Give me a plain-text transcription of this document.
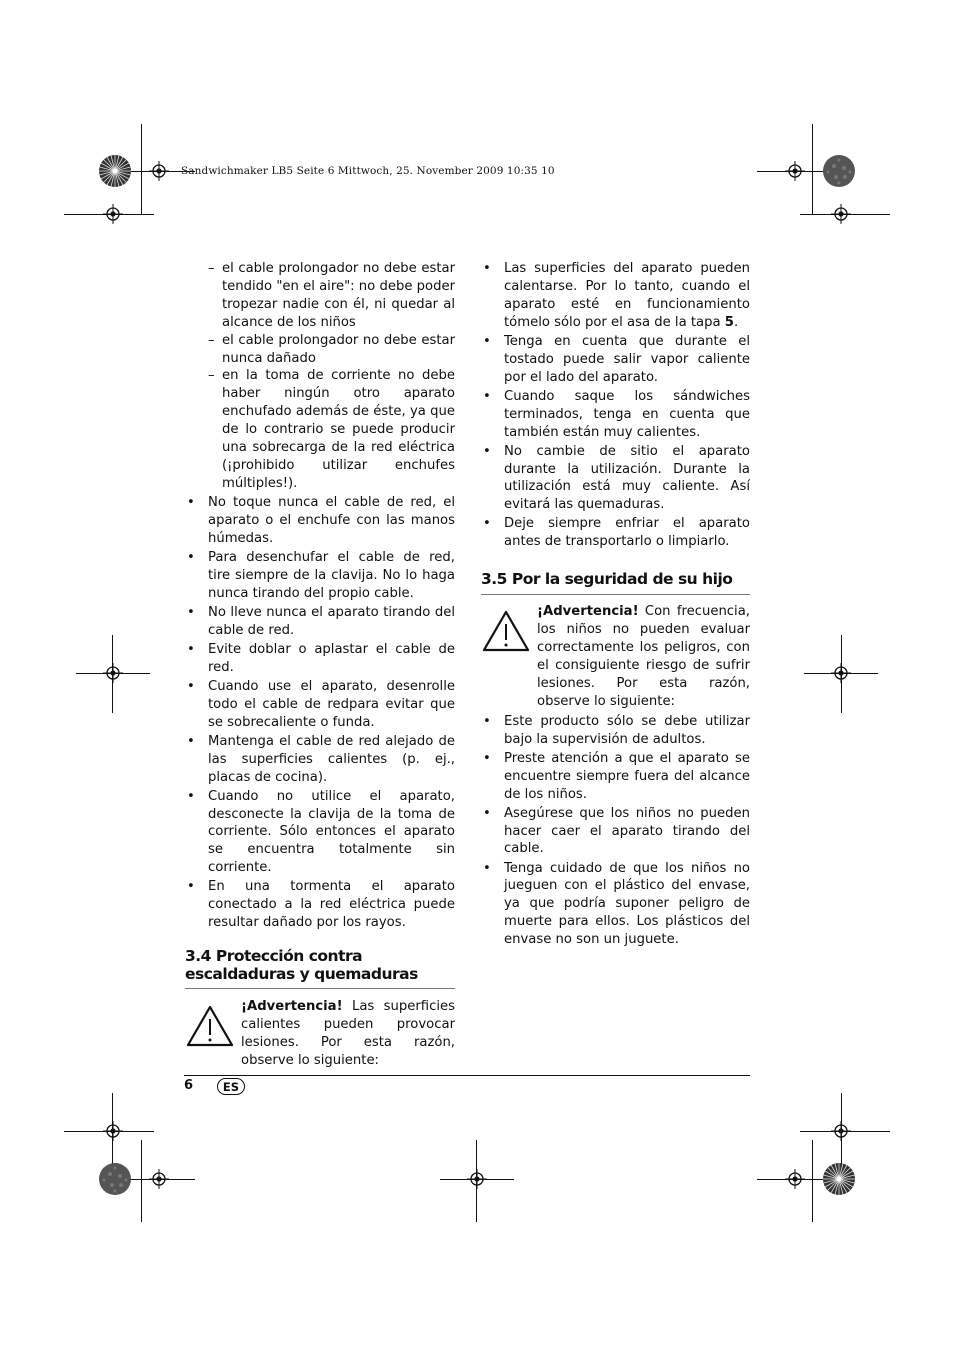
Sandwichmaker LB5 Seite 6 Mittwoch, 25. November 2009 10:35 10
– el cable prolongador no debe estar tendido "en el aire": no debe poder tropezar nadie con él, ni quedar al alcance de los niños
– el cable prolongador no debe estar nunca dañado
– en la toma de corriente no debe haber ningún otro aparato enchufado además de éste, ya que de lo contrario se puede producir una sobrecarga de la red eléctrica (¡prohibido utilizar enchufes múltiples!).
• No toque nunca el cable de red, el aparato o el enchufe con las manos húmedas.
• Para desenchufar el cable de red, tire siempre de la clavija. No lo haga nunca tirando del propio cable.
• No lleve nunca el aparato tirando del cable de red.
• Evite doblar o aplastar el cable de red.
• Cuando use el aparato, desenrolle todo el cable de redpara evitar que se sobrecaliente o funda.
• Mantenga el cable de red alejado de las superficies calientes (p. ej., placas de cocina).
• Cuando no utilice el aparato, desconecte la clavija de la toma de corriente. Sólo entonces el aparato se encuentra totalmente sin corriente.
• En una tormenta el aparato conectado a la red eléctrica puede resultar dañado por los rayos.
3.4 Protección contra escaldaduras y quemaduras
¡Advertencia! Las superficies calientes pueden provocar lesiones. Por esta razón, observe lo siguiente:
• Las superficies del aparato pueden calentarse. Por lo tanto, cuando el aparato esté en funcionamiento tómelo sólo por el asa de la tapa 5.
• Tenga en cuenta que durante el tostado puede salir vapor caliente por el lado del aparato.
• Cuando saque los sándwiches terminados, tenga en cuenta que también están muy calientes.
• No cambie de sitio el aparato durante la utilización. Durante la utilización está muy caliente. Así evitará las quemaduras.
• Deje siempre enfriar el aparato antes de transportarlo o limpiarlo.
3.5 Por la seguridad de su hijo
¡Advertencia! Con frecuencia, los niños no pueden evaluar correctamente los peligros, con el consiguiente riesgo de sufrir lesiones. Por esta razón, observe lo siguiente:
• Este producto sólo se debe utilizar bajo la supervisión de adultos.
• Preste atención a que el aparato se encuentre siempre fuera del alcance de los niños.
• Asegúrese que los niños no pueden hacer caer el aparato tirando del cable.
• Tenga cuidado de que los niños no jueguen con el plástico del envase, ya que podría suponer peligro de muerte para ellos. Los plásticos del envase no son un juguete.
6	ES
